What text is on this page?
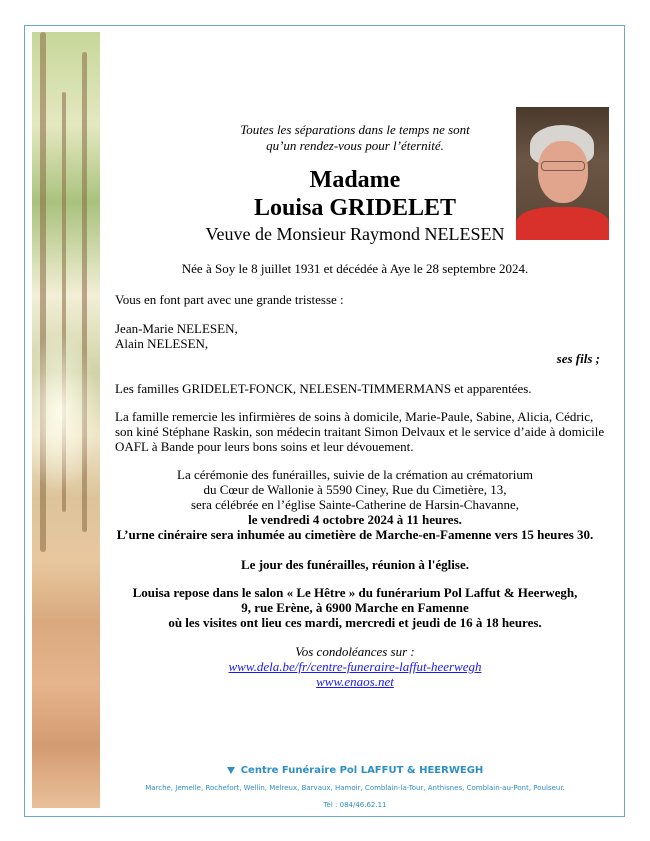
Toutes les séparations dans le temps ne sont
qu’un rendez-vous pour l’éternité.
Madame
Louisa GRIDELET
Veuve de Monsieur Raymond NELESEN
Née à Soy le 8 juillet 1931 et décédée à Aye le 28 septembre 2024.
Vous en font part avec une grande tristesse :
Jean-Marie NELESEN,
Alain NELESEN,
ses fils ;
Les familles GRIDELET-FONCK, NELESEN-TIMMERMANS et apparentées.
La famille remercie les infirmières de soins à domicile, Marie-Paule, Sabine, Alicia, Cédric,
son kiné Stéphane Raskin, son médecin traitant Simon Delvaux et le service d’aide à domicile
OAFL à Bande pour leurs bons soins et leur dévouement.
La cérémonie des funérailles, suivie de la crémation au crématorium
du Cœur de Wallonie à 5590 Ciney, Rue du Cimetière, 13,
sera célébrée en l’église Sainte-Catherine de Harsin-Chavanne,
le vendredi 4 octobre 2024 à 11 heures.
L’urne cinéraire sera inhumée au cimetière de Marche-en-Famenne vers 15 heures 30.
Le jour des funérailles, réunion à l'église.
Louisa repose dans le salon « Le Hêtre » du funérarium Pol Laffut & Heerwegh,
9, rue Erène, à 6900 Marche en Famenne
où les visites ont lieu ces mardi, mercredi et jeudi de 16 à 18 heures.
Vos condoléances sur :
www.dela.be/fr/centre-funeraire-laffut-heerwegh
www.enaos.net
Centre Funéraire Pol LAFFUT & HEERWEGH
Marche, Jemelle, Rochefort, Wellin, Melreux, Barvaux, Hamoir, Comblain-la-Tour, Anthisnes, Comblain-au-Pont, Poulseur.
Tél : 084/46.62.11
